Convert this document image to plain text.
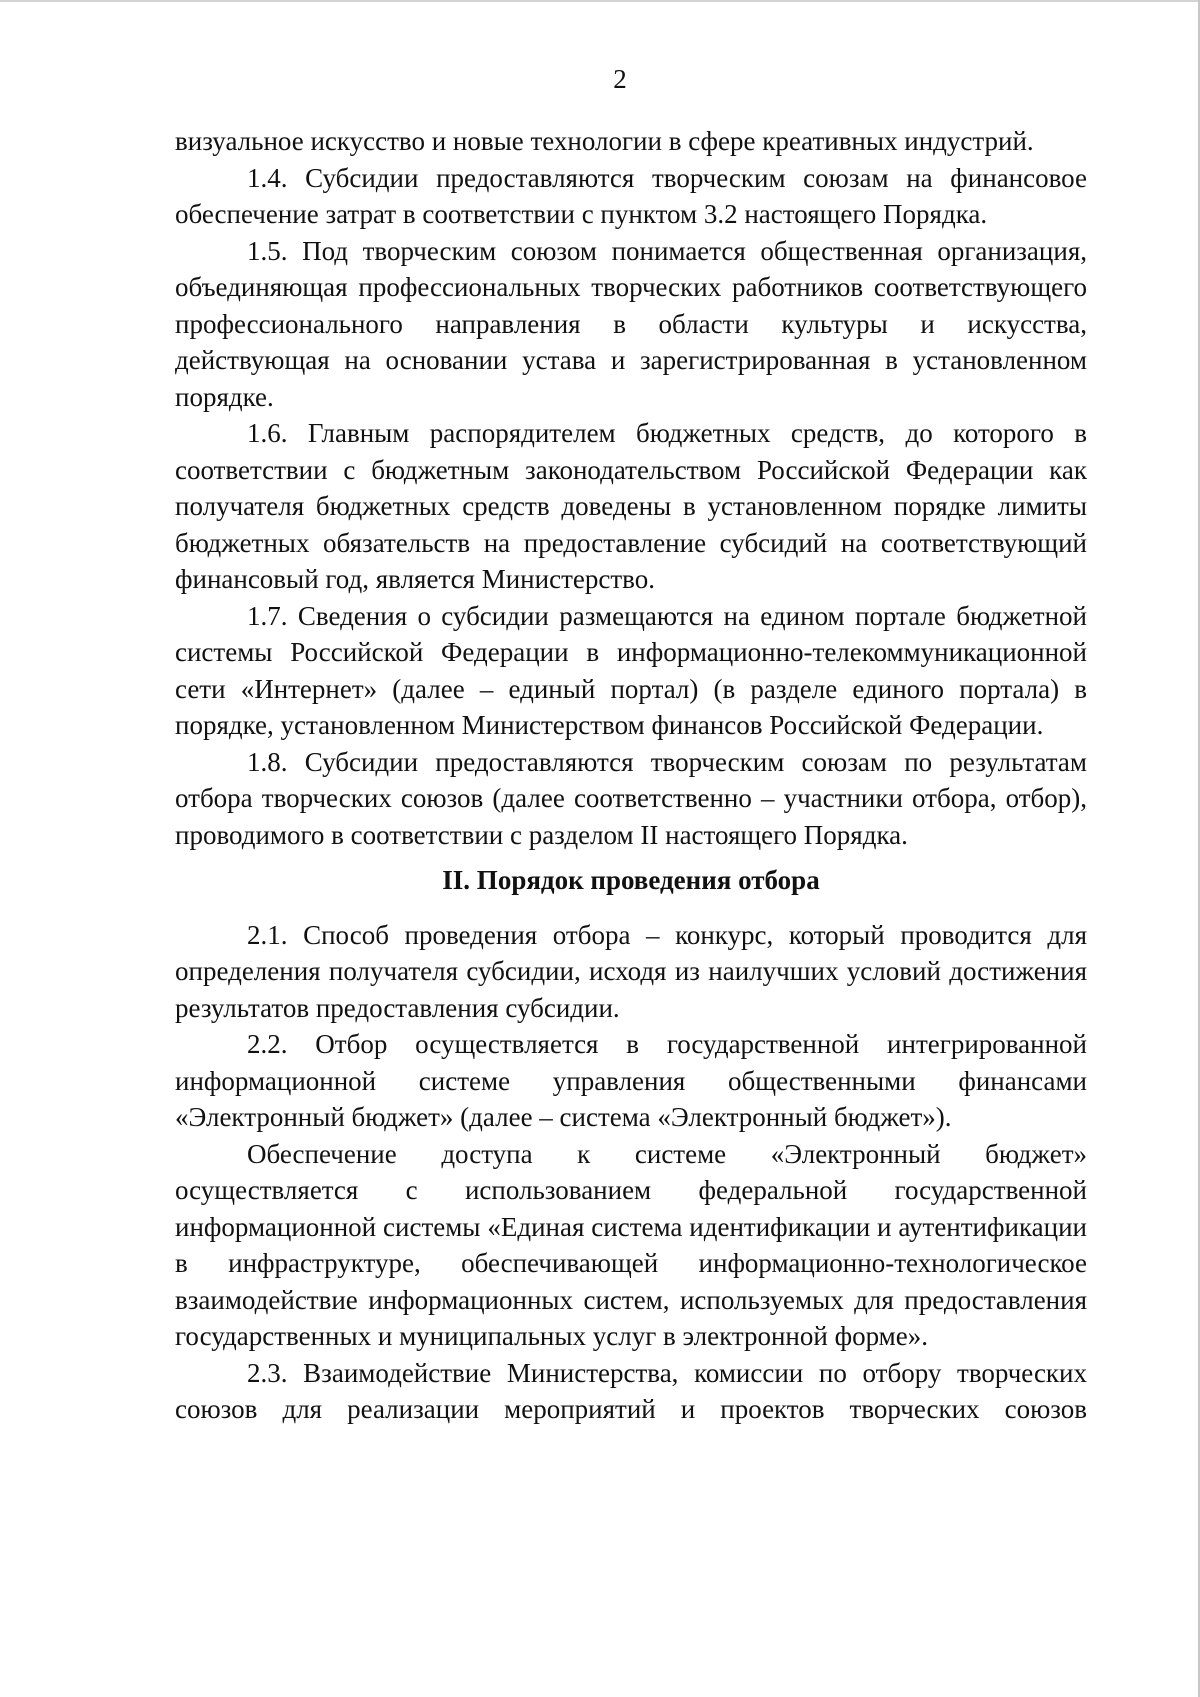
2

визуальное искусство и новые технологии в сфере креативных индустрий.

1.4. Субсидии предоставляются творческим союзам на финансовое обеспечение затрат в соответствии с пунктом 3.2 настоящего Порядка.

1.5. Под творческим союзом понимается общественная организация, объединяющая профессиональных творческих работников соответствующего профессионального направления в области культуры и искусства, действующая на основании устава и зарегистрированная в установленном порядке.

1.6. Главным распорядителем бюджетных средств, до которого в соответствии с бюджетным законодательством Российской Федерации как получателя бюджетных средств доведены в установленном порядке лимиты бюджетных обязательств на предоставление субсидий на соответствующий финансовый год, является Министерство.

1.7. Сведения о субсидии размещаются на едином портале бюджетной системы Российской Федерации в информационно-телекоммуникационной сети «Интернет» (далее – единый портал) (в разделе единого портала) в порядке, установленном Министерством финансов Российской Федерации.

1.8. Субсидии предоставляются творческим союзам по результатам отбора творческих союзов (далее соответственно – участники отбора, отбор), проводимого в соответствии с разделом II настоящего Порядка.

II. Порядок проведения отбора

2.1. Способ проведения отбора – конкурс, который проводится для определения получателя субсидии, исходя из наилучших условий достижения результатов предоставления субсидии.

2.2. Отбор осуществляется в государственной интегрированной информационной системе управления общественными финансами «Электронный бюджет» (далее – система «Электронный бюджет»).

Обеспечение доступа к системе «Электронный бюджет» осуществляется с использованием федеральной государственной информационной системы «Единая система идентификации и аутентификации в инфраструктуре, обеспечивающей информационно-технологическое взаимодействие информационных систем, используемых для предоставления государственных и муниципальных услуг в электронной форме».

2.3. Взаимодействие Министерства, комиссии по отбору творческих союзов для реализации мероприятий и проектов творческих союзов
